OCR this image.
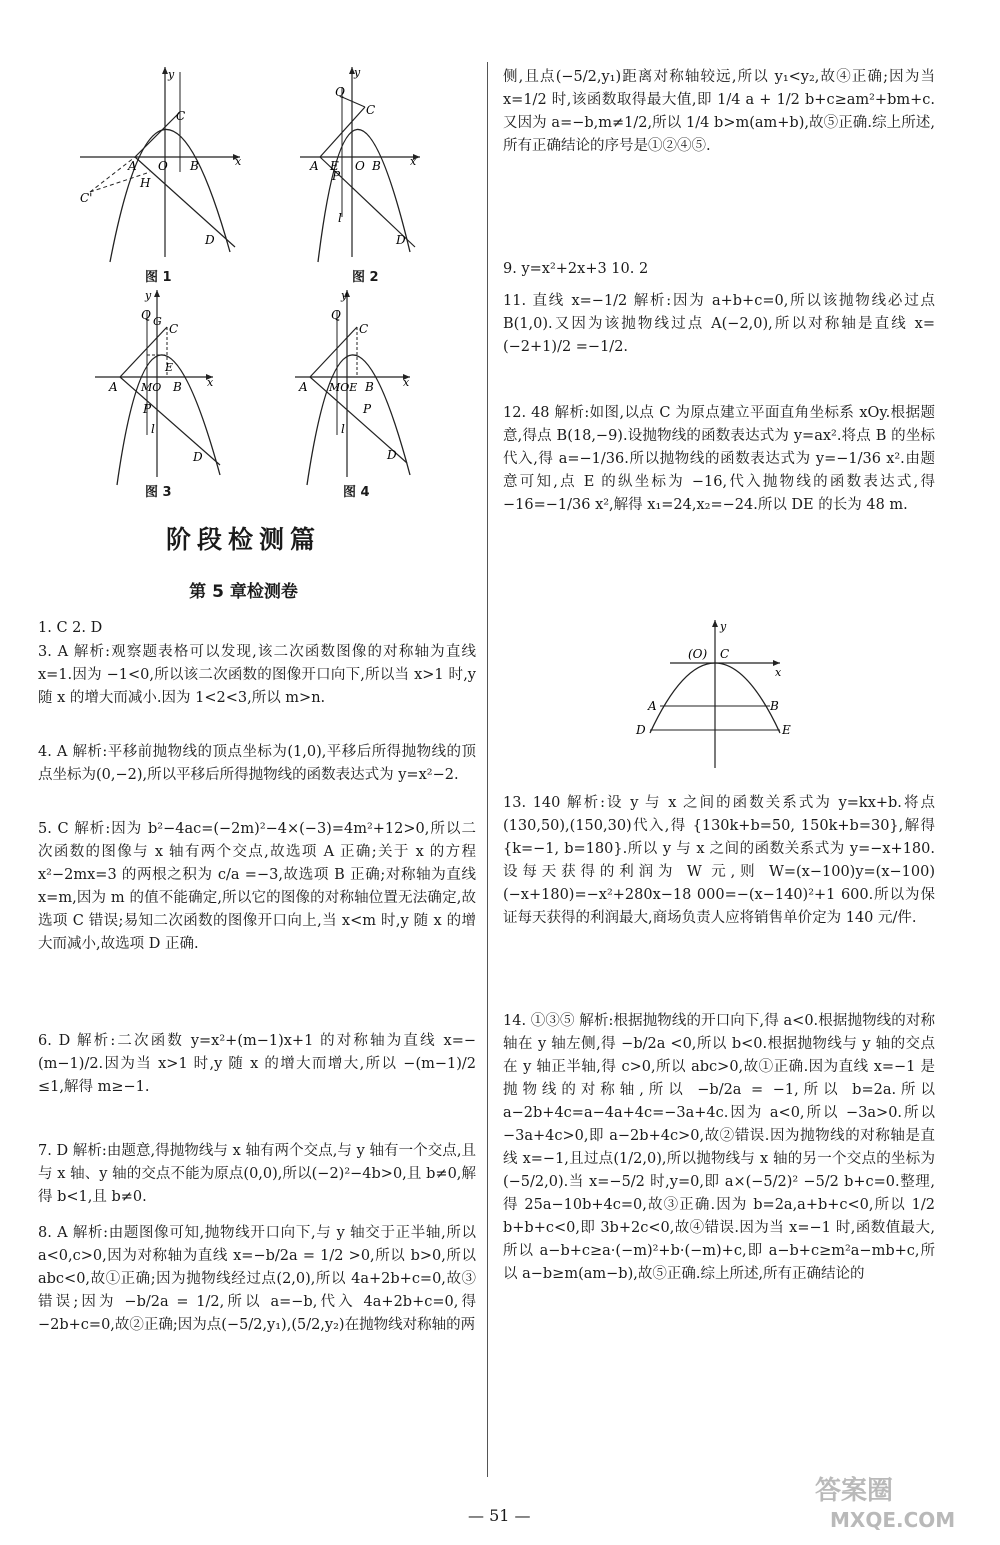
y
C
A O B	x
H
C'
D
图 1
y
Q
C
A E O B	x
P
l
D
图 2
y
Q G
C
A MO
E
B x
P
l
D
图 3
y
Q
C
A MOE B	x
P
l
D
图 4
阶段检测篇
第 5 章检测卷
1. C 2. D
3. A 解析:观察题表格可以发现,该二次函数图像的对称轴为直线 x=1.因为 −1<0,所以该二次函数的图像开口向下,所以当 x>1 时,y 随 x 的增大而减小.因为 1<2<3,所以 m>n.
4. A 解析:平移前抛物线的顶点坐标为(1,0),平移后所得抛物线的顶点坐标为(0,−2),所以平移后所得抛物线的函数表达式为 y=x²−2.
5. C 解析:因为 b²−4ac=(−2m)²−4×(−3)=4m²+12>0,所以二次函数的图像与 x 轴有两个交点,故选项 A 正确;关于 x 的方程 x²−2mx=3 的两根之积为 c/a =−3,故选项 B 正确;对称轴为直线 x=m,因为 m 的值不能确定,所以它的图像的对称轴位置无法确定,故选项 C 错误;易知二次函数的图像开口向上,当 x<m 时,y 随 x 的增大而减小,故选项 D 正确.
6. D 解析:二次函数 y=x²+(m−1)x+1 的对称轴为直线 x=−(m−1)/2.因为当 x>1 时,y 随 x 的增大而增大,所以 −(m−1)/2 ≤1,解得 m≥−1.
7. D 解析:由题意,得抛物线与 x 轴有两个交点,与 y 轴有一个交点,且与 x 轴、y 轴的交点不能为原点(0,0),所以(−2)²−4b>0,且 b≠0,解得 b<1,且 b≠0.
8. A 解析:由题图像可知,抛物线开口向下,与 y 轴交于正半轴,所以 a<0,c>0,因为对称轴为直线 x=−b/2a = 1/2 >0,所以 b>0,所以 abc<0,故①正确;因为抛物线经过点(2,0),所以 4a+2b+c=0,故③错误;因为 −b/2a = 1/2,所以 a=−b,代入 4a+2b+c=0,得 −2b+c=0,故②正确;因为点(−5/2,y₁),(5/2,y₂)在抛物线对称轴的两
侧,且点(−5/2,y₁)距离对称轴较远,所以 y₁<y₂,故④正确;因为当 x=1/2 时,该函数取得最大值,即 1/4 a + 1/2 b+c≥am²+bm+c.又因为 a=−b,m≠1/2,所以 1/4 b>m(am+b),故⑤正确.综上所述,所有正确结论的序号是①②④⑤.
9. y=x²+2x+3 10. 2
11. 直线 x=−1/2 解析:因为 a+b+c=0,所以该抛物线必过点 B(1,0).又因为该抛物线过点 A(−2,0),所以对称轴是直线 x=(−2+1)/2 =−1/2.
12. 48 解析:如图,以点 C 为原点建立平面直角坐标系 xOy.根据题意,得点 B(18,−9).设抛物线的函数表达式为 y=ax².将点 B 的坐标代入,得 a=−1/36.所以抛物线的函数表达式为 y=−1/36 x².由题意可知,点 E 的纵坐标为 −16,代入抛物线的函数表达式,得 −16=−1/36 x²,解得 x₁=24,x₂=−24.所以 DE 的长为 48 m.
y
(O) C
x
A	B
D	E
13. 140 解析:设 y 与 x 之间的函数关系式为 y=kx+b.将点(130,50),(150,30)代入,得 {130k+b=50, 150k+b=30},解得 {k=−1, b=180}.所以 y 与 x 之间的函数关系式为 y=−x+180.设每天获得的利润为 W 元,则 W=(x−100)y=(x−100)(−x+180)=−x²+280x−18 000=−(x−140)²+1 600.所以为保证每天获得的利润最大,商场负责人应将销售单价定为 140 元/件.
14. ①③⑤ 解析:根据抛物线的开口向下,得 a<0.根据抛物线的对称轴在 y 轴左侧,得 −b/2a <0,所以 b<0.根据抛物线与 y 轴的交点在 y 轴正半轴,得 c>0,所以 abc>0,故①正确.因为直线 x=−1 是抛物线的对称轴,所以 −b/2a = −1,所以 b=2a.所以 a−2b+4c=a−4a+4c=−3a+4c.因为 a<0,所以 −3a>0.所以 −3a+4c>0,即 a−2b+4c>0,故②错误.因为抛物线的对称轴是直线 x=−1,且过点(1/2,0),所以抛物线与 x 轴的另一个交点的坐标为(−5/2,0).当 x=−5/2 时,y=0,即 a×(−5/2)² −5/2 b+c=0.整理,得 25a−10b+4c=0,故③正确.因为 b=2a,a+b+c<0,所以 1/2 b+b+c<0,即 3b+2c<0,故④错误.因为当 x=−1 时,函数值最大,所以 a−b+c≥a·(−m)²+b·(−m)+c,即 a−b+c≥m²a−mb+c,所以 a−b≥m(am−b),故⑤正确.综上所述,所有正确结论的
— 51 —
答案圈
MXQE.COM
